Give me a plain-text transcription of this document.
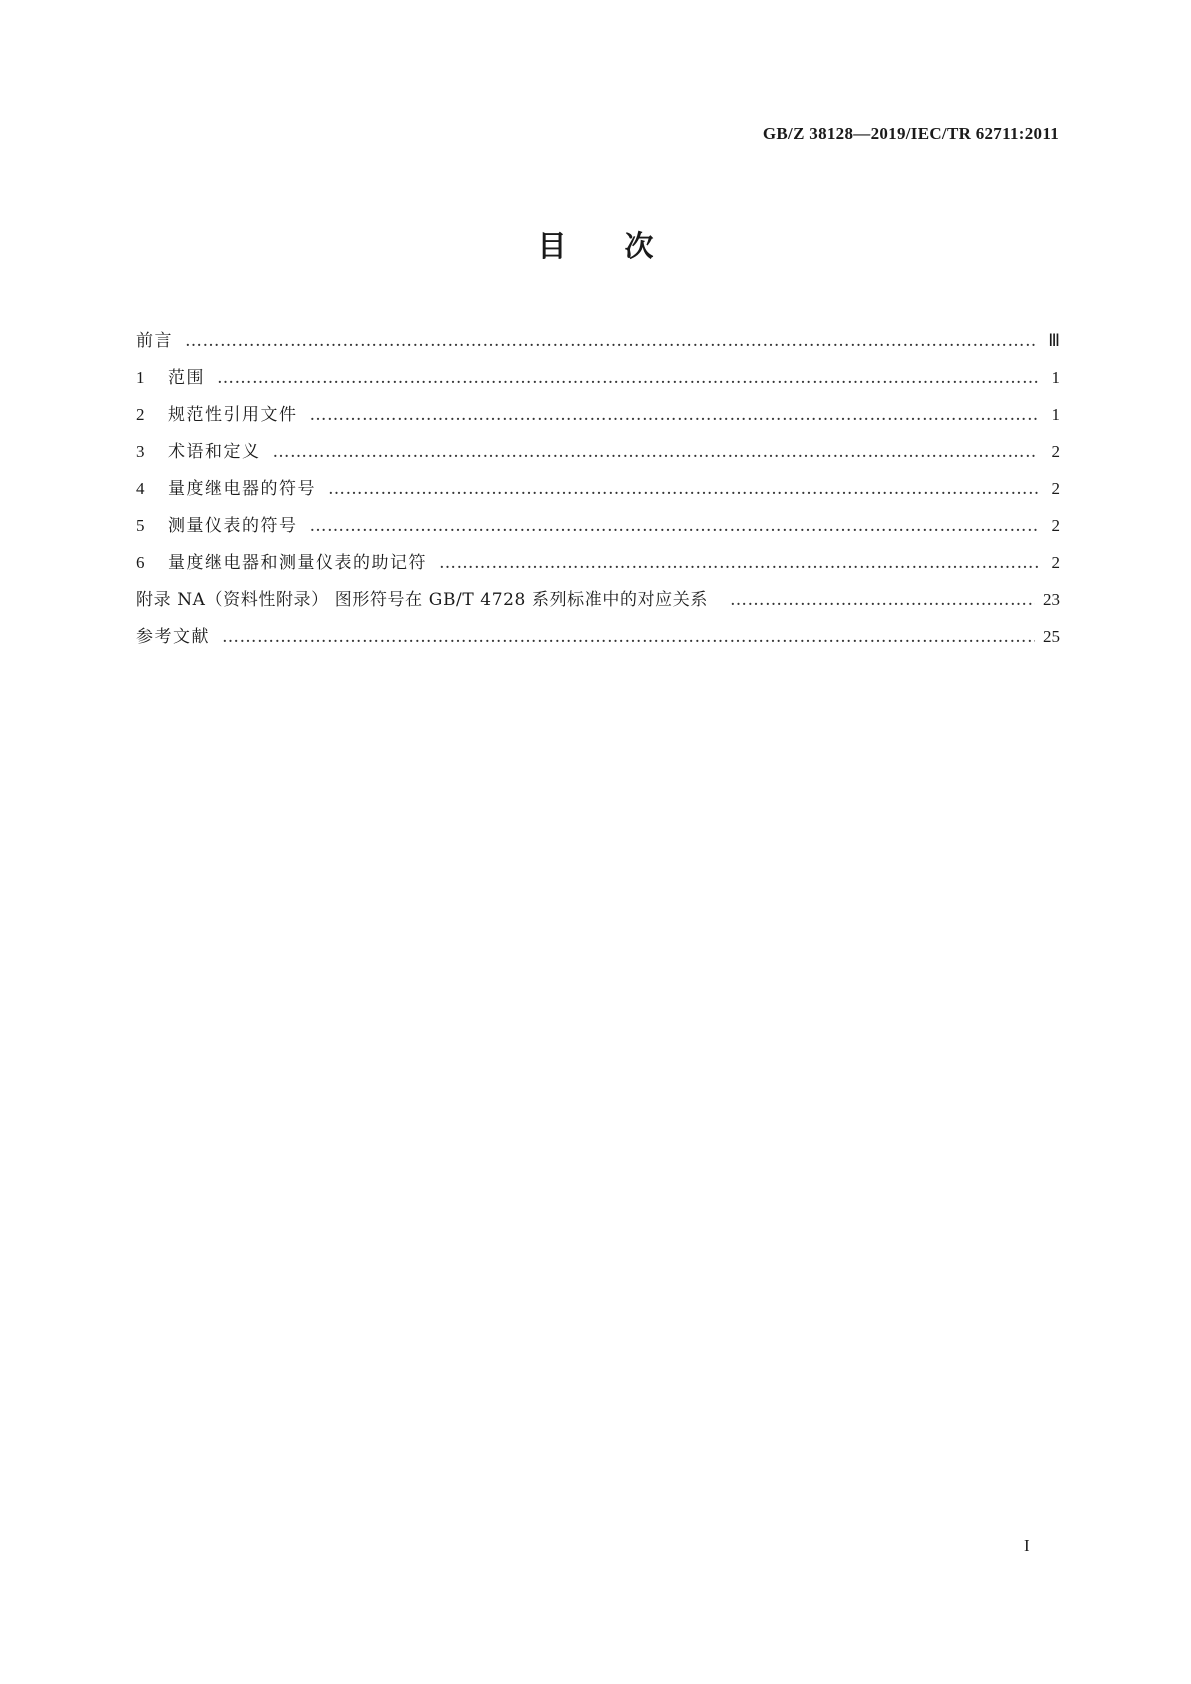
GB/Z 38128—2019/IEC/TR 62711:2011
目 次
前言 …………………………………………………………………………………………………………………………………………………………………………………………………………	Ⅲ
1	范围 …………………………………………………………………………………………………………………………………………………………………………………………………………	1
2	规范性引用文件 …………………………………………………………………………………………………………………………………………………………………………………………………………	1
3	术语和定义 …………………………………………………………………………………………………………………………………………………………………………………………………………	2
4	量度继电器的符号 …………………………………………………………………………………………………………………………………………………………………………………………………………	2
5	测量仪表的符号 …………………………………………………………………………………………………………………………………………………………………………………………………………	2
6	量度继电器和测量仪表的助记符 …………………………………………………………………………………………………………………………………………………………………………………………………………	2
附录 NA（资料性附录） 图形符号在 GB/T 4728 系列标准中的对应关系 …………………………………………………………………………………………………………………………………………………………………………………………………………	23
参考文献 …………………………………………………………………………………………………………………………………………………………………………………………………………	25
I
